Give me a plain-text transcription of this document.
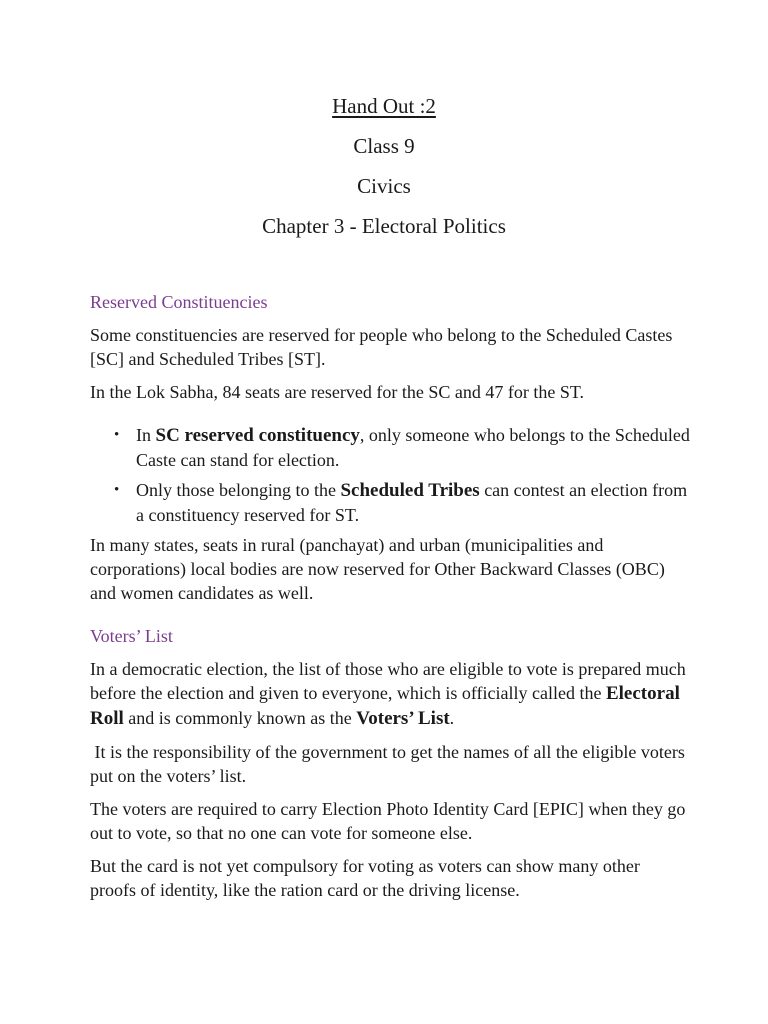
Hand Out :2
Class 9
Civics
Chapter 3 - Electoral Politics
Reserved Constituencies

Some constituencies are reserved for people who belong to the Scheduled Castes [SC] and Scheduled Tribes [ST].

In the Lok Sabha, 84 seats are reserved for the SC and 47 for the ST.

• In SC reserved constituency, only someone who belongs to the Scheduled Caste can stand for election.
• Only those belonging to the Scheduled Tribes can contest an election from a constituency reserved for ST.

In many states, seats in rural (panchayat) and urban (municipalities and corporations) local bodies are now reserved for Other Backward Classes (OBC) and women candidates as well.

Voters’ List

In a democratic election, the list of those who are eligible to vote is prepared much before the election and given to everyone, which is officially called the Electoral Roll and is commonly known as the Voters’ List.

It is the responsibility of the government to get the names of all the eligible voters put on the voters’ list.

The voters are required to carry Election Photo Identity Card [EPIC] when they go out to vote, so that no one can vote for someone else.

But the card is not yet compulsory for voting as voters can show many other proofs of identity, like the ration card or the driving license.
